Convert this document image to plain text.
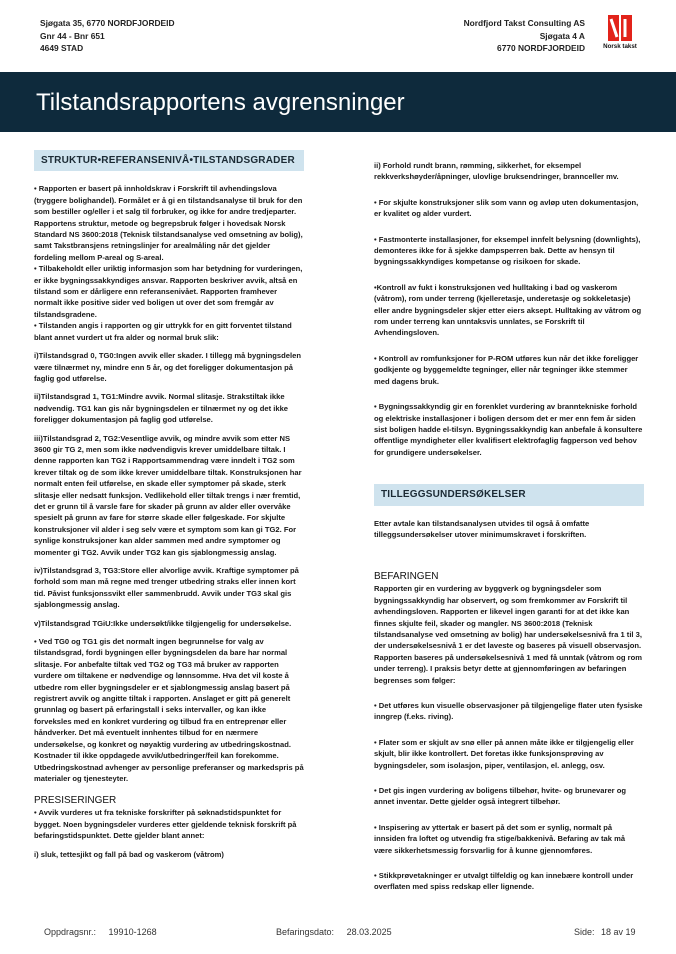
Sjøgata 35, 6770 NORDFJORDEID
Gnr 44 - Bnr 651
4649 STAD
Nordfjord Takst Consulting AS
Sjøgata 4 A
6770 NORDFJORDEID	Norsk takst
Tilstandsrapportens avgrensninger
STRUKTUR•REFERANSENIVÅ•TILSTANDSGRADER

• Rapporten er basert på innholdskrav i Forskrift til avhendingslova (tryggere bolighandel). Formålet er å gi en tilstandsanalyse til bruk for den som bestiller og/eller i et salg til forbruker, og ikke for andre tredjeparter. Rapportens struktur, metode og begrepsbruk følger i hovedsak Norsk Standard NS 3600:2018 (Teknisk tilstandsanalyse ved omsetning av bolig), samt Takstbransjens retningslinjer for arealmåling når det gjelder fordeling mellom P-areal og S-areal.
• Tilbakeholdt eller uriktig informasjon som har betydning for vurderingen, er ikke bygningssakkyndiges ansvar. Rapporten beskriver avvik, altså en tilstand som er dårligere enn referansenivået. Rapporten framhever normalt ikke positive sider ved boligen ut over det som fremgår av tilstandsgradene.
• Tilstanden angis i rapporten og gir uttrykk for en gitt forventet tilstand blant annet vurdert ut fra alder og normal bruk slik:

i)Tilstandsgrad 0, TG0:Ingen avvik eller skader. I tillegg må bygningsdelen være tilnærmet ny, mindre enn 5 år, og det foreligger dokumentasjon på faglig god utførelse.

ii)Tilstandsgrad 1, TG1:Mindre avvik. Normal slitasje. Strakstiltak ikke nødvendig. TG1 kan gis når bygningsdelen er tilnærmet ny og det ikke foreligger dokumentasjon på faglig god utførelse.

iii)Tilstandsgrad 2, TG2:Vesentlige avvik, og mindre avvik som etter NS 3600 gir TG 2, men som ikke nødvendigvis krever umiddelbare tiltak. I denne rapporten kan TG2 i Rapportsammendrag være inndelt i TG2 som krever tiltak og de som ikke krever umiddelbare tiltak. Konstruksjonen har normalt enten feil utførelse, en skade eller symptomer på skade, sterk slitasje eller nedsatt funksjon. Vedlikehold eller tiltak trengs i nær fremtid, det er grunn til å varsle fare for skader på grunn av alder eller overvåke spesielt på grunn av fare for større skade eller følgeskade. For skjulte konstruksjoner vil alder i seg selv være et symptom som kan gi TG2. For synlige konstruksjoner kan alder sammen med andre symptomer og momenter gi TG2. Avvik under TG2 kan gis sjablongmessig anslag.

iv)Tilstandsgrad 3, TG3:Store eller alvorlige avvik. Kraftige symptomer på forhold som man må regne med trenger utbedring straks eller innen kort tid. Påvist funksjonssvikt eller sammenbrudd. Avvik under TG3 skal gis sjablongmessig anslag.

v)Tilstandsgrad TGiU:Ikke undersøkt/ikke tilgjengelig for undersøkelse.

• Ved TG0 og TG1 gis det normalt ingen begrunnelse for valg av tilstandsgrad, fordi bygningen eller bygningsdelen da bare har normal slitasje. For anbefalte tiltak ved TG2 og TG3 må bruker av rapporten vurdere om tiltakene er nødvendige og lønnsomme. Hva det vil koste å utbedre rom eller bygningsdeler er et sjablongmessig anslag basert på registrert avvik og angitte tiltak i rapporten. Anslaget er gitt på generelt grunnlag og basert på erfaringstall i seks intervaller, og kan ikke forveksles med en konkret vurdering og tilbud fra en entreprenør eller håndverker. Det må eventuelt innhentes tilbud for en nærmere undersøkelse, og konkret og nøyaktig vurdering av utbedringskostnad. Kostnader til ikke oppdagede avvik/utbedringer/feil kan forekomme. Utbedringskostnad avhenger av personlige preferanser og markedspris på materialer og tjenesteyter.

PRESISERINGER

• Avvik vurderes ut fra tekniske forskrifter på søknadstidspunktet for bygget. Noen bygningsdeler vurderes etter gjeldende teknisk forskrift på befaringstidspunktet. Dette gjelder blant annet:

i) sluk, tettesjikt og fall på bad og vaskerom (våtrom)

ii) Forhold rundt brann, rømming, sikkerhet, for eksempel rekkverkshøyder/åpninger, ulovlige bruksendringer, brannceller mv.

• For skjulte konstruksjoner slik som vann og avløp uten dokumentasjon, er kvalitet og alder vurdert.

• Fastmonterte installasjoner, for eksempel innfelt belysning (downlights), demonteres ikke for å sjekke dampsperren bak. Dette av hensyn til bygningssakkyndiges kompetanse og risikoen for skade.

•Kontroll av fukt i konstruksjonen ved hulltaking i bad og vaskerom (våtrom), rom under terreng (kjelleretasje, underetasje og sokkeletasje) eller andre bygningsdeler skjer etter eiers aksept. Hulltaking av våtrom og rom under terreng kan unntaksvis unnlates, se Forskrift til Avhendingsloven.

• Kontroll av romfunksjoner for P-ROM utføres kun når det ikke foreligger godkjente og byggemeldte tegninger, eller når tegninger ikke stemmer med dagens bruk.

• Bygningssakkyndig gir en forenklet vurdering av branntekniske forhold og elektriske installasjoner i boligen dersom det er mer enn fem år siden sist boligen hadde el-tilsyn. Bygningssakkyndig kan anbefale å konsultere offentlige myndigheter eller kvalifisert elektrofaglig fagperson ved behov for grundigere undersøkelser.

TILLEGGSUNDERSØKELSER

Etter avtale kan tilstandsanalysen utvides til også å omfatte tilleggsundersøkelser utover minimumskravet i forskriften.

BEFARINGEN

Rapporten gir en vurdering av byggverk og bygningsdeler som bygningssakkyndig har observert, og som fremkommer av Forskrift til avhendingsloven. Rapporten er likevel ingen garanti for at det ikke kan finnes skjulte feil, skader og mangler. NS 3600:2018 (Teknisk tilstandsanalyse ved omsetning av bolig) har undersøkelsesnivå fra 1 til 3, der undersøkelsesnivå 1 er det laveste og baseres på visuell observasjon. Rapporten baseres på undersøkelsesnivå 1 med få unntak (våtrom og rom under terreng). I praksis betyr dette at gjennomføringen av befaringen begrenses som følger:

• Det utføres kun visuelle observasjoner på tilgjengelige flater uten fysiske inngrep (f.eks. riving).

• Flater som er skjult av snø eller på annen måte ikke er tilgjengelig eller skjult, blir ikke kontrollert. Det foretas ikke funksjonsprøving av bygningsdeler, som isolasjon, piper, ventilasjon, el. anlegg, osv.

• Det gis ingen vurdering av boligens tilbehør, hvite- og brunevarer og annet inventar. Dette gjelder også integrert tilbehør.

• Inspisering av yttertak er basert på det som er synlig, normalt på innsiden fra loftet og utvendig fra stige/bakkenivå. Befaring av tak må være sikkerhetsmessig forsvarlig for å kunne gjennomføres.

• Stikkprøvetakninger er utvalgt tilfeldig og kan innebære kontroll under overflaten med spiss redskap eller lignende.

Oppdragsnr.: 19910-1268	Befaringsdato: 28.03.2025	Side: 18 av 19
